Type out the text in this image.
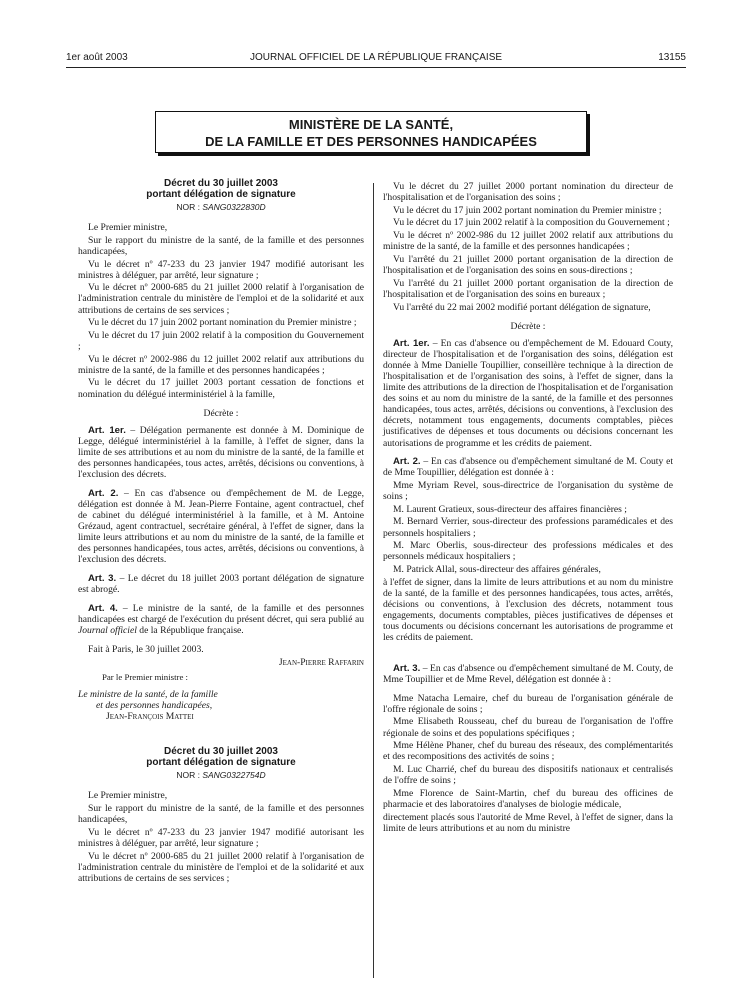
1er août 2003	JOURNAL OFFICIEL DE LA RÉPUBLIQUE FRANÇAISE	13155
MINISTÈRE DE LA SANTÉ,
DE LA FAMILLE ET DES PERSONNES HANDICAPÉES
Décret du 30 juillet 2003
portant délégation de signature
NOR : SANG0322830D

Le Premier ministre,

Sur le rapport du ministre de la santé, de la famille et des personnes handicapées,

Vu le décret nº 47-233 du 23 janvier 1947 modifié autorisant les ministres à déléguer, par arrêté, leur signature ;

Vu le décret nº 2000-685 du 21 juillet 2000 relatif à l'organisation de l'administration centrale du ministère de l'emploi et de la solidarité et aux attributions de certains de ses services ;

Vu le décret du 17 juin 2002 portant nomination du Premier ministre ;

Vu le décret du 17 juin 2002 relatif à la composition du Gouvernement ;

Vu le décret nº 2002-986 du 12 juillet 2002 relatif aux attributions du ministre de la santé, de la famille et des personnes handicapées ;

Vu le décret du 17 juillet 2003 portant cessation de fonctions et nomination du délégué interministériel à la famille,

Décrète :

Art. 1er. – Délégation permanente est donnée à M. Dominique de Legge, délégué interministériel à la famille, à l'effet de signer, dans la limite de ses attributions et au nom du ministre de la santé, de la famille et des personnes handicapées, tous actes, arrêtés, décisions ou conventions, à l'exclusion des décrets.

Art. 2. – En cas d'absence ou d'empêchement de M. de Legge, délégation est donnée à M. Jean-Pierre Fontaine, agent contractuel, chef de cabinet du délégué interministériel à la famille, et à M. Antoine Grézaud, agent contractuel, secrétaire général, à l'effet de signer, dans la limite leurs attributions et au nom du ministre de la santé, de la famille et des personnes handicapées, tous actes, arrêtés, décisions ou conventions, à l'exclusion des décrets.

Art. 3. – Le décret du 18 juillet 2003 portant délégation de signature est abrogé.

Art. 4. – Le ministre de la santé, de la famille et des personnes handicapées est chargé de l'exécution du présent décret, qui sera publié au Journal officiel de la République française.

Fait à Paris, le 30 juillet 2003.

Jean-Pierre Raffarin
Par le Premier ministre :
Le ministre de la santé, de la famille
et des personnes handicapées,
Jean-François Mattei
Décret du 30 juillet 2003
portant délégation de signature
NOR : SANG0322754D

Le Premier ministre,

Sur le rapport du ministre de la santé, de la famille et des personnes handicapées,

Vu le décret nº 47-233 du 23 janvier 1947 modifié autorisant les ministres à déléguer, par arrêté, leur signature ;

Vu le décret nº 2000-685 du 21 juillet 2000 relatif à l'organisation de l'administration centrale du ministère de l'emploi et de la solidarité et aux attributions de certains de ses services ;

Vu le décret du 27 juillet 2000 portant nomination du directeur de l'hospitalisation et de l'organisation des soins ;

Vu le décret du 17 juin 2002 portant nomination du Premier ministre ;

Vu le décret du 17 juin 2002 relatif à la composition du Gouvernement ;

Vu le décret nº 2002-986 du 12 juillet 2002 relatif aux attributions du ministre de la santé, de la famille et des personnes handicapées ;

Vu l'arrêté du 21 juillet 2000 portant organisation de la direction de l'hospitalisation et de l'organisation des soins en sous-directions ;

Vu l'arrêté du 21 juillet 2000 portant organisation de la direction de l'hospitalisation et de l'organisation des soins en bureaux ;

Vu l'arrêté du 22 mai 2002 modifié portant délégation de signature,

Décrète :

Art. 1er. – En cas d'absence ou d'empêchement de M. Edouard Couty, directeur de l'hospitalisation et de l'organisation des soins, délégation est donnée à Mme Danielle Toupillier, conseillère technique à la direction de l'hospitalisation et de l'organisation des soins, à l'effet de signer, dans la limite des attributions de la direction de l'hospitalisation et de l'organisation des soins et au nom du ministre de la santé, de la famille et des personnes handicapées, tous actes, arrêtés, décisions ou conventions, à l'exclusion des décrets, notamment tous engagements, documents comptables, pièces justificatives de dépenses et tous documents ou décisions concernant les autorisations de programme et les crédits de paiement.

Art. 2. – En cas d'absence ou d'empêchement simultané de M. Couty et de Mme Toupillier, délégation est donnée à :

Mme Myriam Revel, sous-directrice de l'organisation du système de soins ;

M. Laurent Gratieux, sous-directeur des affaires financières ;

M. Bernard Verrier, sous-directeur des professions paramédicales et des personnels hospitaliers ;

M. Marc Oberlis, sous-directeur des professions médicales et des personnels médicaux hospitaliers ;

M. Patrick Allal, sous-directeur des affaires générales,

à l'effet de signer, dans la limite de leurs attributions et au nom du ministre de la santé, de la famille et des personnes handicapées, tous actes, arrêtés, décisions ou conventions, à l'exclusion des décrets, notamment tous engagements, documents comptables, pièces justificatives de dépenses et tous documents ou décisions concernant les autorisations de programme et les crédits de paiement.

Art. 3. – En cas d'absence ou d'empêchement simultané de M. Couty, de Mme Toupillier et de Mme Revel, délégation est donnée à :

Mme Natacha Lemaire, chef du bureau de l'organisation générale de l'offre régionale de soins ;

Mme Elisabeth Rousseau, chef du bureau de l'organisation de l'offre régionale de soins et des populations spécifiques ;

Mme Hélène Phaner, chef du bureau des réseaux, des complémentarités et des recompositions des activités de soins ;

M. Luc Charrié, chef du bureau des dispositifs nationaux et centralisés de l'offre de soins ;

Mme Florence de Saint-Martin, chef du bureau des officines de pharmacie et des laboratoires d'analyses de biologie médicale,

directement placés sous l'autorité de Mme Revel, à l'effet de signer, dans la limite de leurs attributions et au nom du ministre
